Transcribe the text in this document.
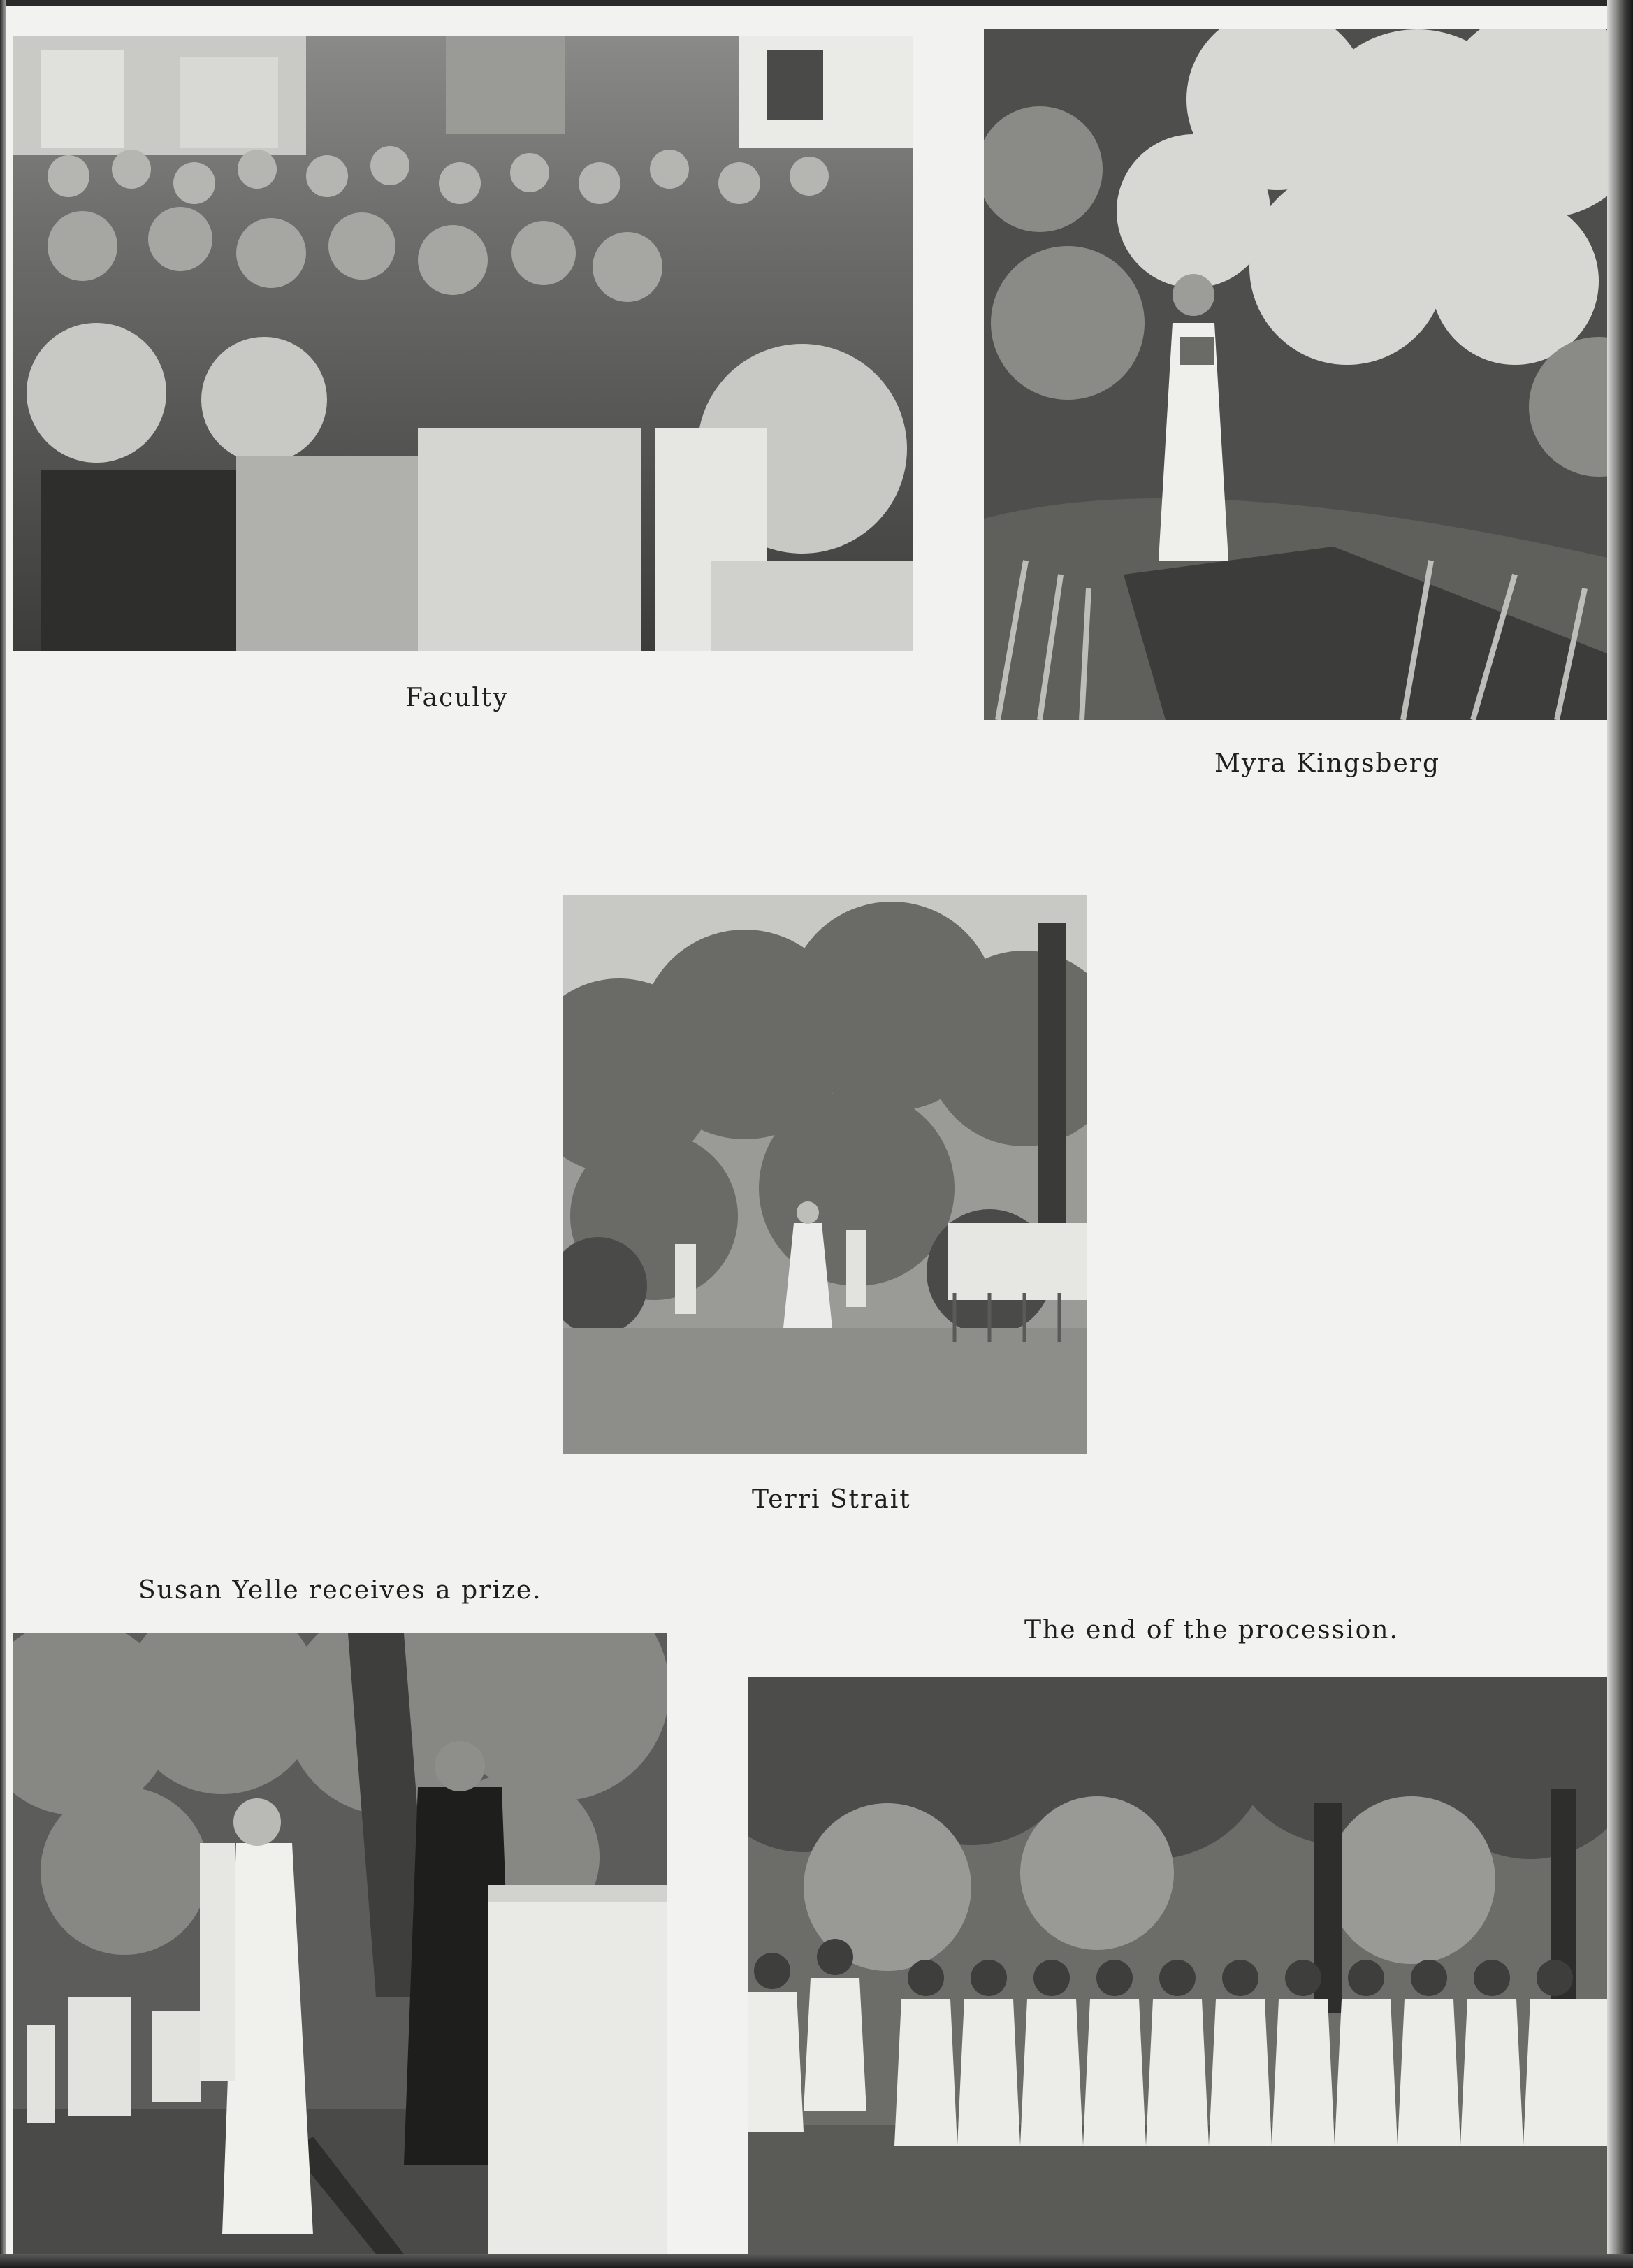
Faculty
Myra Kingsberg
Terri Strait
Susan Yelle receives a prize.
The end of the procession.
